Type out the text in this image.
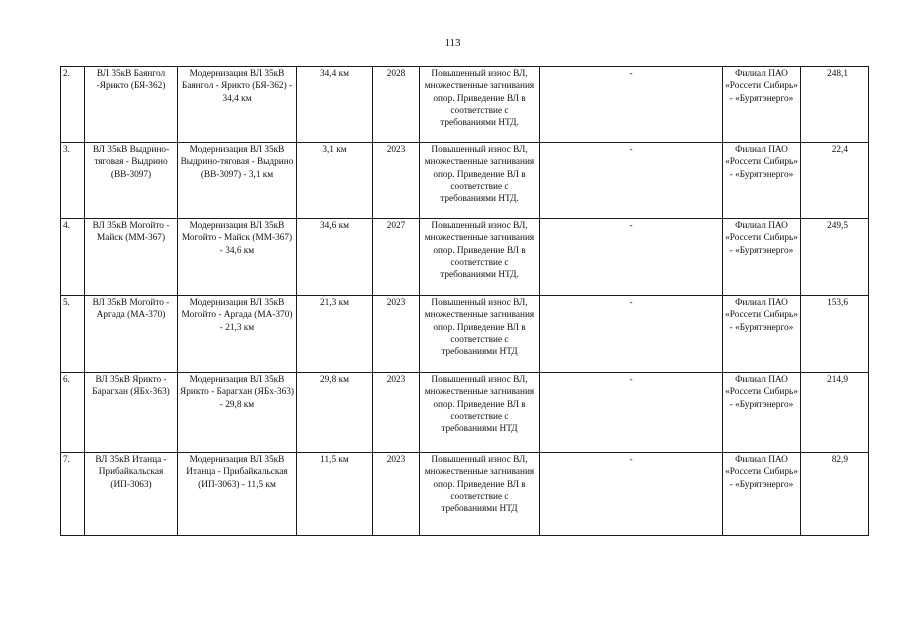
113
2.	ВЛ 35кВ Баянгол -Ярикто (БЯ-362)	Модернизация ВЛ 35кВ Баянгол - Ярикто (БЯ-362) - 34,4 км	34,4 км	2028	Повышенный износ ВЛ, множественные загнивания опор. Приведение ВЛ в соответствие с требованиями НТД.	-	Филиал ПАО «Россети Сибирь» - «Бурятэнерго»	248,1
3.	ВЛ 35кВ Выдрино-тяговая - Выдрино (ВВ-3097)	Модернизация ВЛ 35кВ Выдрино-тяговая - Выдрино (ВВ-3097) - 3,1 км	3,1 км	2023	Повышенный износ ВЛ, множественные загнивания опор. Приведение ВЛ в соответствие с требованиями НТД.	-	Филиал ПАО «Россети Сибирь» - «Бурятэнерго»	22,4
4.	ВЛ 35кВ Могойто - Майск (ММ-367)	Модернизация ВЛ 35кВ Могойто - Майск (ММ-367) - 34,6 км	34,6 км	2027	Повышенный износ ВЛ, множественные загнивания опор. Приведение ВЛ в соответствие с требованиями НТД.	-	Филиал ПАО «Россети Сибирь» - «Бурятэнерго»	249,5
5.	ВЛ 35кВ Могойто - Аргада (МА-370)	Модернизация ВЛ 35кВ Могойто - Аргада (МА-370) - 21,3 км	21,3 км	2023	Повышенный износ ВЛ, множественные загнивания опор. Приведение ВЛ в соответствие с требованиями НТД	-	Филиал ПАО «Россети Сибирь» - «Бурятэнерго»	153,6
6.	ВЛ 35кВ Ярикто - Барагхан (ЯБх-363)	Модернизация ВЛ 35кВ Ярикто - Барагхан (ЯБх-363) - 29,8 км	29,8 км	2023	Повышенный износ ВЛ, множественные загнивания опор. Приведение ВЛ в соответствие с требованиями НТД	-	Филиал ПАО «Россети Сибирь» - «Бурятэнерго»	214,9
7.	ВЛ 35кВ Итанца - Прибайкальская (ИП-3063)	Модернизация ВЛ 35кВ Итанца - Прибайкальская (ИП-3063) - 11,5 км	11,5 км	2023	Повышенный износ ВЛ, множественные загнивания опор. Приведение ВЛ в соответствие с требованиями НТД	-	Филиал ПАО «Россети Сибирь» - «Бурятэнерго»	82,9
